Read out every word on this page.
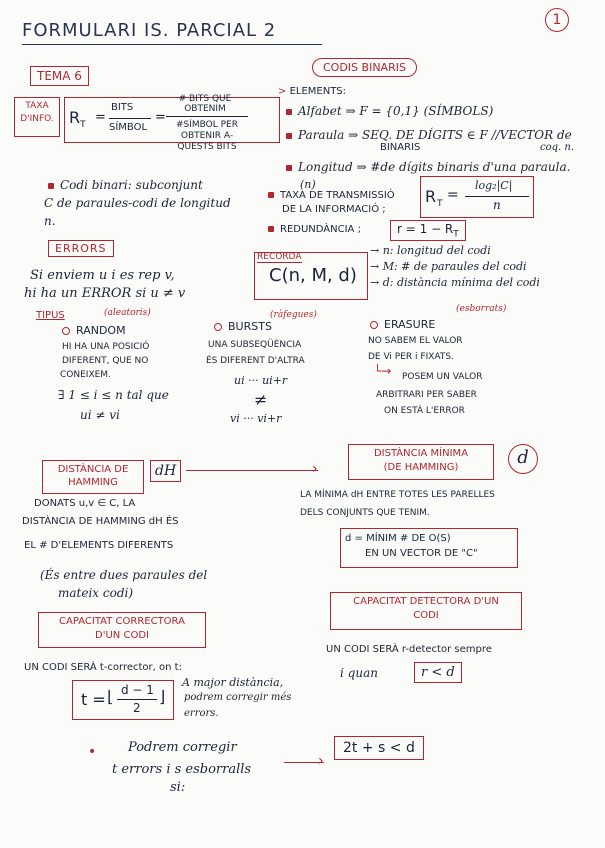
FORMULARI IS. PARCIAL 2	1
TEMA 6
TAXA
D'INFO. $R_T$
=
BITS
SÍMBOL
=
# BITS QUE OBTENIM
#SÍMBOL PER
OBTENIR A-
QUESTS BITS
CODIS BINARIS
> ELEMENTS:
Alfabet ⇒ F = {0,1} (SÍMBOLS)
Paraula ⇒ SEQ. DE DÍGITS ∈ F //VECTOR de
BINARIS	coq. n.
Longitud ⇒ #de dígits binaris d'una paraula.
(n)
TAXA DE TRANSMISSIÓ
DE LA INFORMACIÓ ;
R T
=
log₂|C|
n
REDUNDÀNCIA ;	$r = 1 - R_T$
Codi binari: subconjunt
C de paraules-codi de longitud
n.
ERRORS
Si enviem u i es rep v,
hi ha un ERROR si u ≠ v
RECORDA
C(n, M, d)
→ n: longitud del codi
→ M: # de paraules del codi
→ d: distància mínima del codi
TIPUS	(aleatoris)
RANDOM
HI HA UNA POSICIÓ
DIFERENT, QUE NO
CONEIXEM.
∃ 1 ≤ i ≤ n tal que
ui ≠ vi
(ràfegues)
BURSTS
UNA SUBSEQÜÈNCIA
ÉS DIFERENT D'ALTRA
ui ··· ui+r
≠
vi ··· vi+r
(esborrats)
ERASURE
NO SABEM EL VALOR
DE Vi PER i FIXATS.
└→ POSEM UN VALOR
ARBITRARI PER SABER
ON ESTÀ L'ERROR
DISTÀNCIA DE
HAMMING
dH	›
DONATS u,v ∈ C, LA
DISTÀNCIA DE HAMMING dH ÉS
EL # D'ELEMENTS DIFERENTS
(És entre dues paraules del
mateix codi)
DISTÀNCIA MÍNIMA
(DE HAMMING)	d
LA MÍNIMA dH ENTRE TOTES LES PARELLES
DELS CONJUNTS QUE TENIM.
d = MÍNIM # DE O(S)
EN UN VECTOR DE "C"
CAPACITAT CORRECTORA
D'UN CODI
UN CODI SERÀ t-corrector, on t:
t = ⌊ d − 1
2
⌋
A major distància,
podrem corregir més
errors.
CAPACITAT DETECTORA D'UN
CODI
UN CODI SERÀ r-detector sempre
i quan	r < d
• Podrem corregir
t errors i s esborralls
si:
›
2t + s < d
